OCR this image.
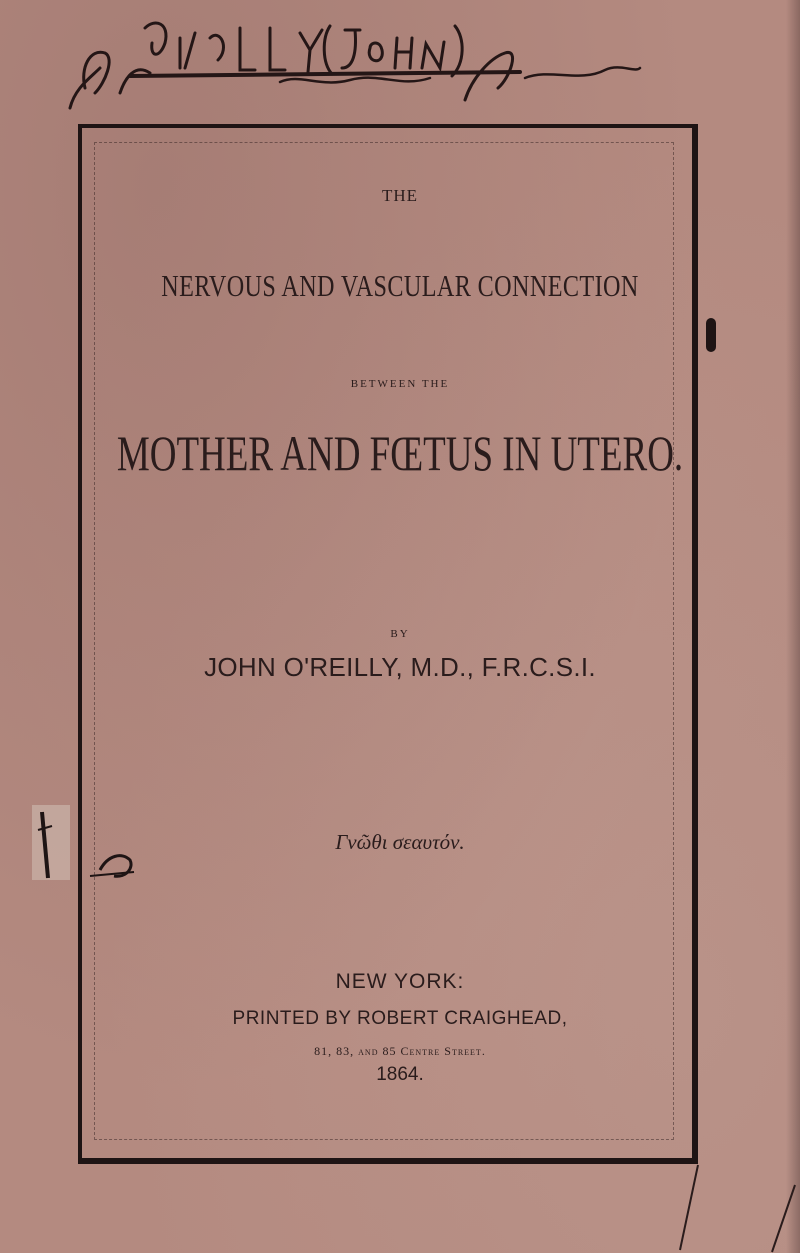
THE
NERVOUS AND VASCULAR CONNECTION
BETWEEN THE
MOTHER AND FŒTUS IN UTERO.
BY
JOHN O'REILLY, M.D., F.R.C.S.I.
Γνῶθι σεαυτόν.
NEW YORK:
PRINTED BY ROBERT CRAIGHEAD,
81, 83, and 85 Centre Street.
1864.
